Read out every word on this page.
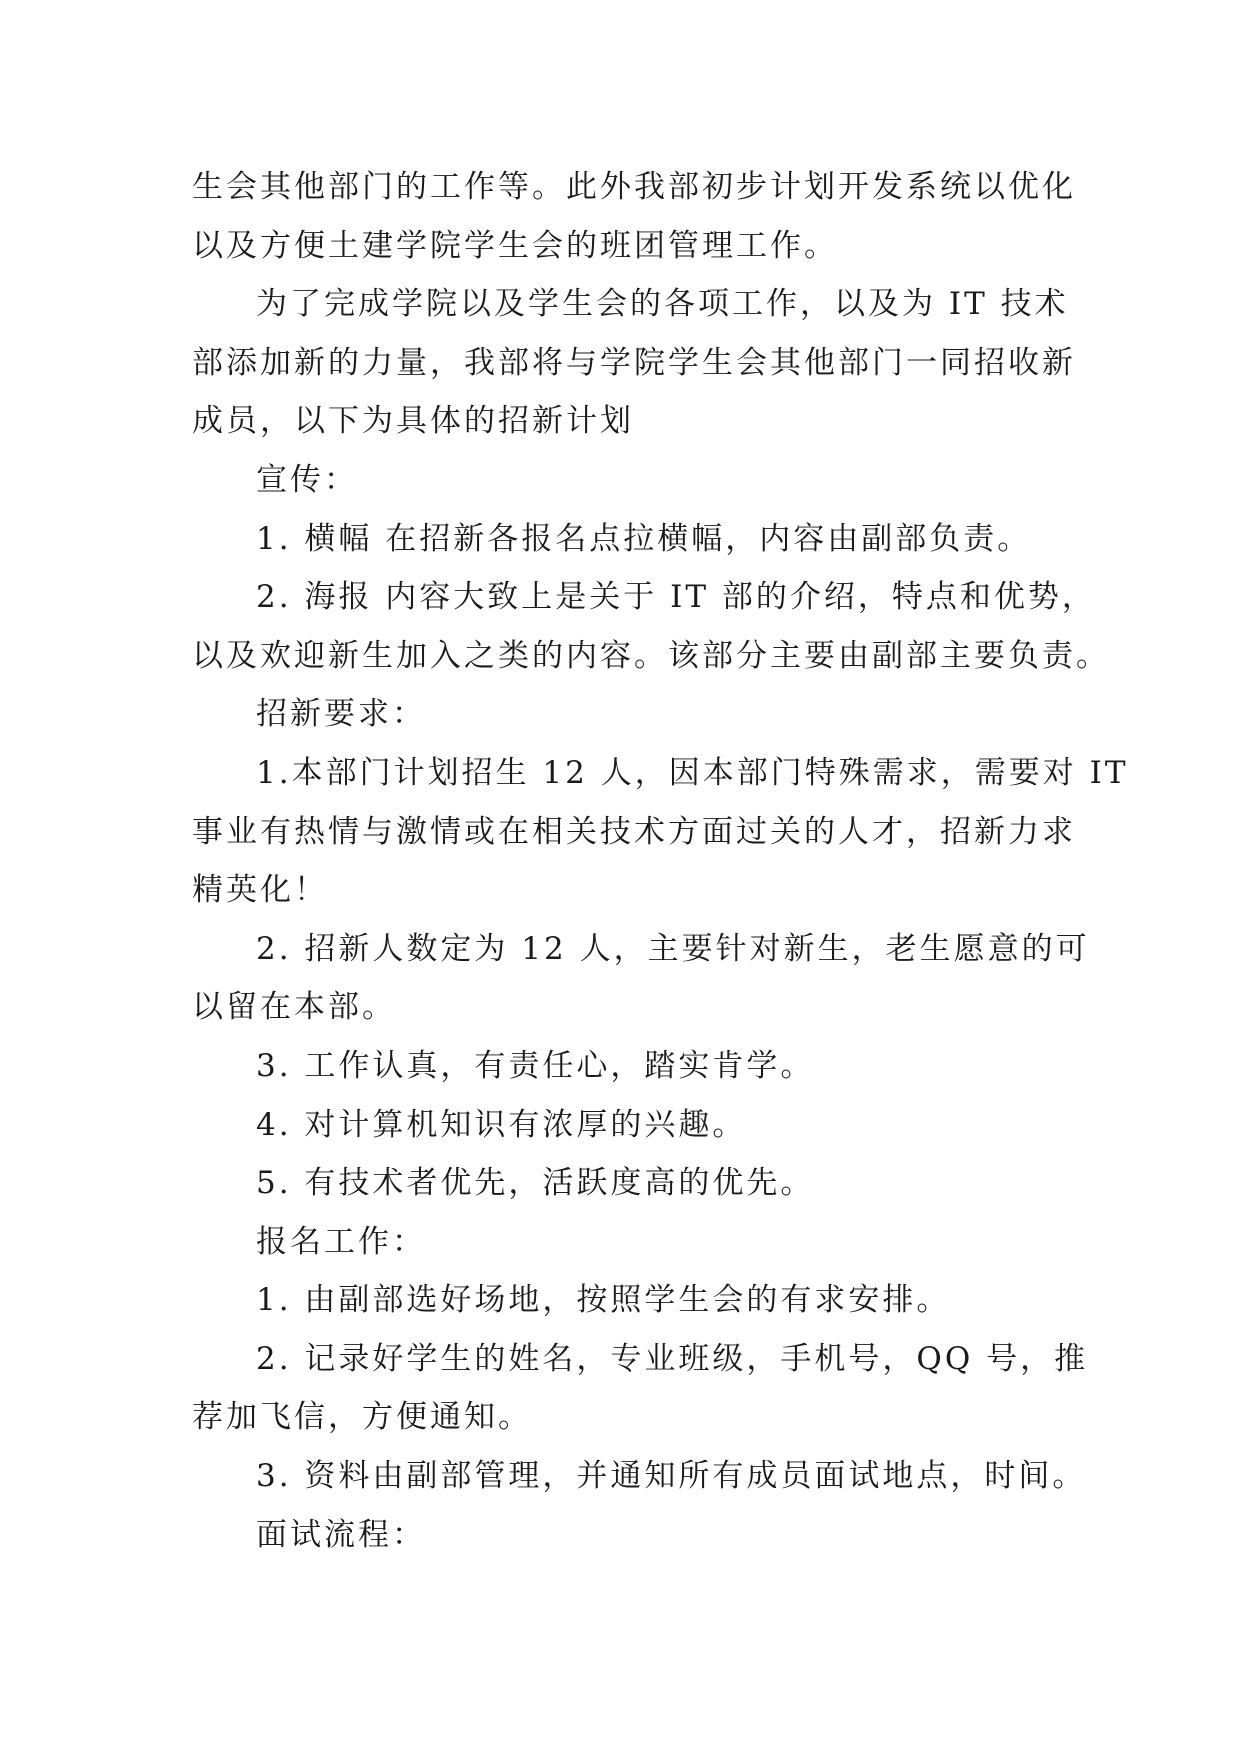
生会其他部门的工作等。此外我部初步计划开发系统以优化

以及方便土建学院学生会的班团管理工作。

为了完成学院以及学生会的各项工作，以及为 IT 技术

部添加新的力量，我部将与学院学生会其他部门一同招收新

成员，以下为具体的招新计划

宣传：

1. 横幅 在招新各报名点拉横幅，内容由副部负责。

2. 海报 内容大致上是关于 IT 部的介绍，特点和优势，

以及欢迎新生加入之类的内容。该部分主要由副部主要负责。

招新要求：

1.本部门计划招生 12 人，因本部门特殊需求，需要对 IT

事业有热情与激情或在相关技术方面过关的人才，招新力求

精英化！

2. 招新人数定为 12 人，主要针对新生，老生愿意的可

以留在本部。

3. 工作认真，有责任心，踏实肯学。

4. 对计算机知识有浓厚的兴趣。

5. 有技术者优先，活跃度高的优先。

报名工作：

1. 由副部选好场地，按照学生会的有求安排。

2. 记录好学生的姓名，专业班级，手机号，QQ 号，推

荐加飞信，方便通知。

3. 资料由副部管理，并通知所有成员面试地点，时间。

面试流程：
